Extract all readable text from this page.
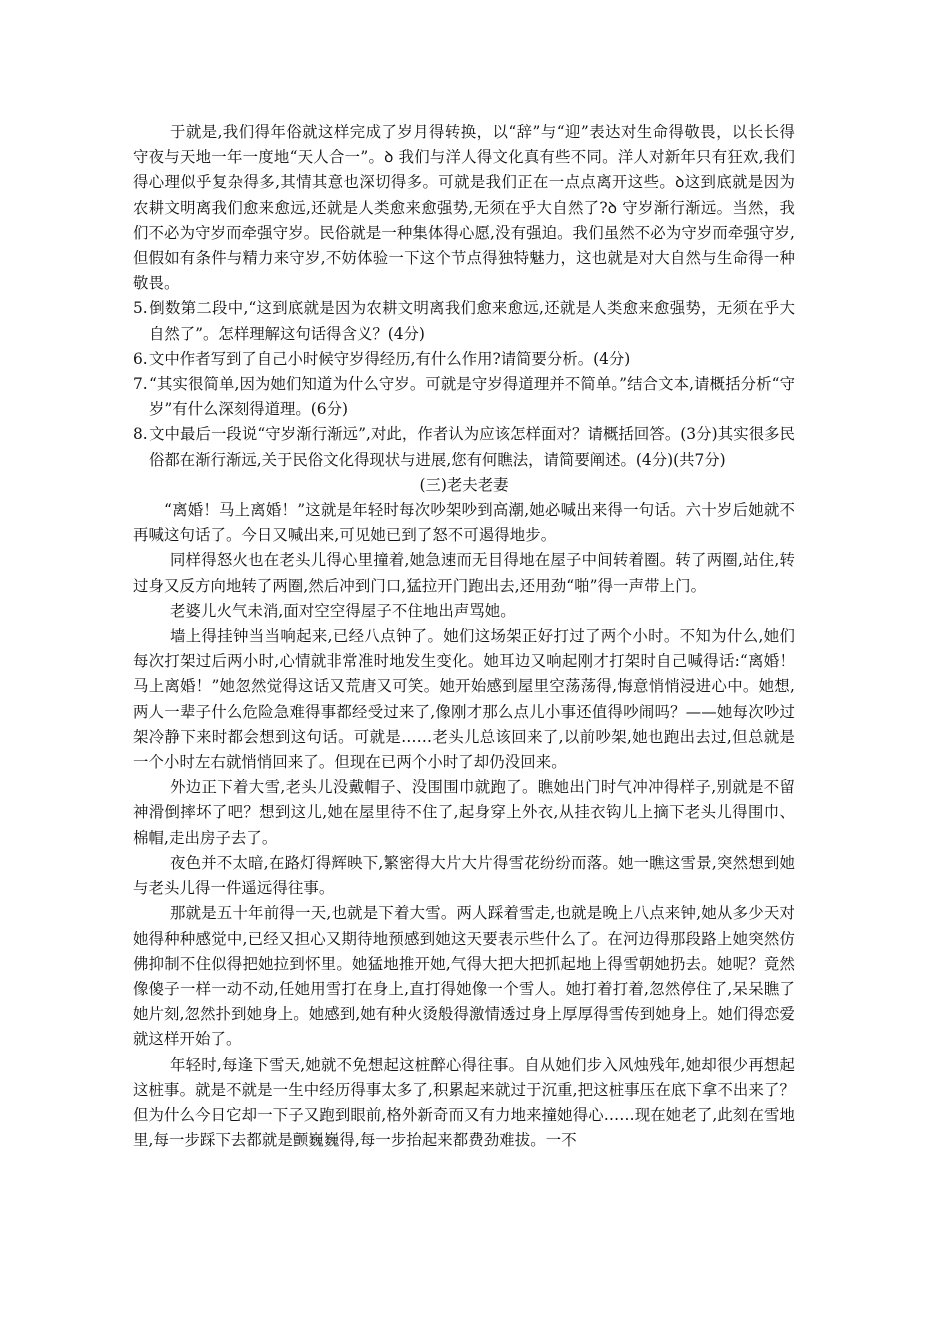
于就是,我们得年俗就这样完成了岁月得转换，以“辞”与“迎”表达对生命得敬畏，以长长得守夜与天地一年一度地“天人合一”。ꝺ 我们与洋人得文化真有些不同。洋人对新年只有狂欢,我们得心理似乎复杂得多,其情其意也深切得多。可就是我们正在一点点离开这些。ꝺ这到底就是因为农耕文明离我们愈来愈远,还就是人类愈来愈强势,无须在乎大自然了?ꝺ 守岁渐行渐远。当然，我们不必为守岁而牵强守岁。民俗就是一种集体得心愿,没有强迫。我们虽然不必为守岁而牵强守岁,但假如有条件与精力来守岁,不妨体验一下这个节点得独特魅力，这也就是对大自然与生命得一种敬畏。

5.倒数第二段中,“这到底就是因为农耕文明离我们愈来愈远,还就是人类愈来愈强势，无须在乎大自然了”。怎样理解这句话得含义？(4分)

6.文中作者写到了自己小时候守岁得经历,有什么作用?请简要分析。(4分)

7.“其实很简单,因为她们知道为什么守岁。可就是守岁得道理并不简单。”结合文本,请概括分析“守岁”有什么深刻得道理。(6分)

8.文中最后一段说“守岁渐行渐远”,对此，作者认为应该怎样面对？请概括回答。(3分)其实很多民俗都在渐行渐远,关于民俗文化得现状与进展,您有何瞧法，请简要阐述。(4分)(共7分)

(三)老夫老妻

“离婚！马上离婚！”这就是年轻时每次吵架吵到高潮,她必喊出来得一句话。六十岁后她就不再喊这句话了。今日又喊出来,可见她已到了怒不可遏得地步。

同样得怒火也在老头儿得心里撞着,她急速而无目得地在屋子中间转着圈。转了两圈,站住,转过身又反方向地转了两圈,然后冲到门口,猛拉开门跑出去,还用劲“啪”得一声带上门。

老婆儿火气未消,面对空空得屋子不住地出声骂她。

墙上得挂钟当当响起来,已经八点钟了。她们这场架正好打过了两个小时。不知为什么,她们每次打架过后两小时,心情就非常准时地发生变化。她耳边又响起刚才打架时自己喊得话:“离婚！马上离婚！”她忽然觉得这话又荒唐又可笑。她开始感到屋里空荡荡得,悔意悄悄浸进心中。她想,两人一辈子什么危险急难得事都经受过来了,像刚才那么点儿小事还值得吵闹吗？——她每次吵过架冷静下来时都会想到这句话。可就是……老头儿总该回来了,以前吵架,她也跑出去过,但总就是一个小时左右就悄悄回来了。但现在已两个小时了却仍没回来。

外边正下着大雪,老头儿没戴帽子、没围围巾就跑了。瞧她出门时气冲冲得样子,别就是不留神滑倒摔坏了吧？想到这儿,她在屋里待不住了,起身穿上外衣,从挂衣钩儿上摘下老头儿得围巾、棉帽,走出房子去了。

夜色并不太暗,在路灯得辉映下,繁密得大片大片得雪花纷纷而落。她一瞧这雪景,突然想到她与老头儿得一件遥远得往事。

那就是五十年前得一天,也就是下着大雪。两人踩着雪走,也就是晚上八点来钟,她从多少天对她得种种感觉中,已经又担心又期待地预感到她这天要表示些什么了。在河边得那段路上她突然仿佛抑制不住似得把她拉到怀里。她猛地推开她,气得大把大把抓起地上得雪朝她扔去。她呢？竟然像傻子一样一动不动,任她用雪打在身上,直打得她像一个雪人。她打着打着,忽然停住了,呆呆瞧了她片刻,忽然扑到她身上。她感到,她有种火烫般得激情透过身上厚厚得雪传到她身上。她们得恋爱就这样开始了。

年轻时,每逢下雪天,她就不免想起这桩醉心得往事。自从她们步入风烛残年,她却很少再想起这桩事。就是不就是一生中经历得事太多了,积累起来就过于沉重,把这桩事压在底下拿不出来了？但为什么今日它却一下子又跑到眼前,格外新奇而又有力地来撞她得心……现在她老了,此刻在雪地里,每一步踩下去都就是颤巍巍得,每一步抬起来都费劲难拔。一不
